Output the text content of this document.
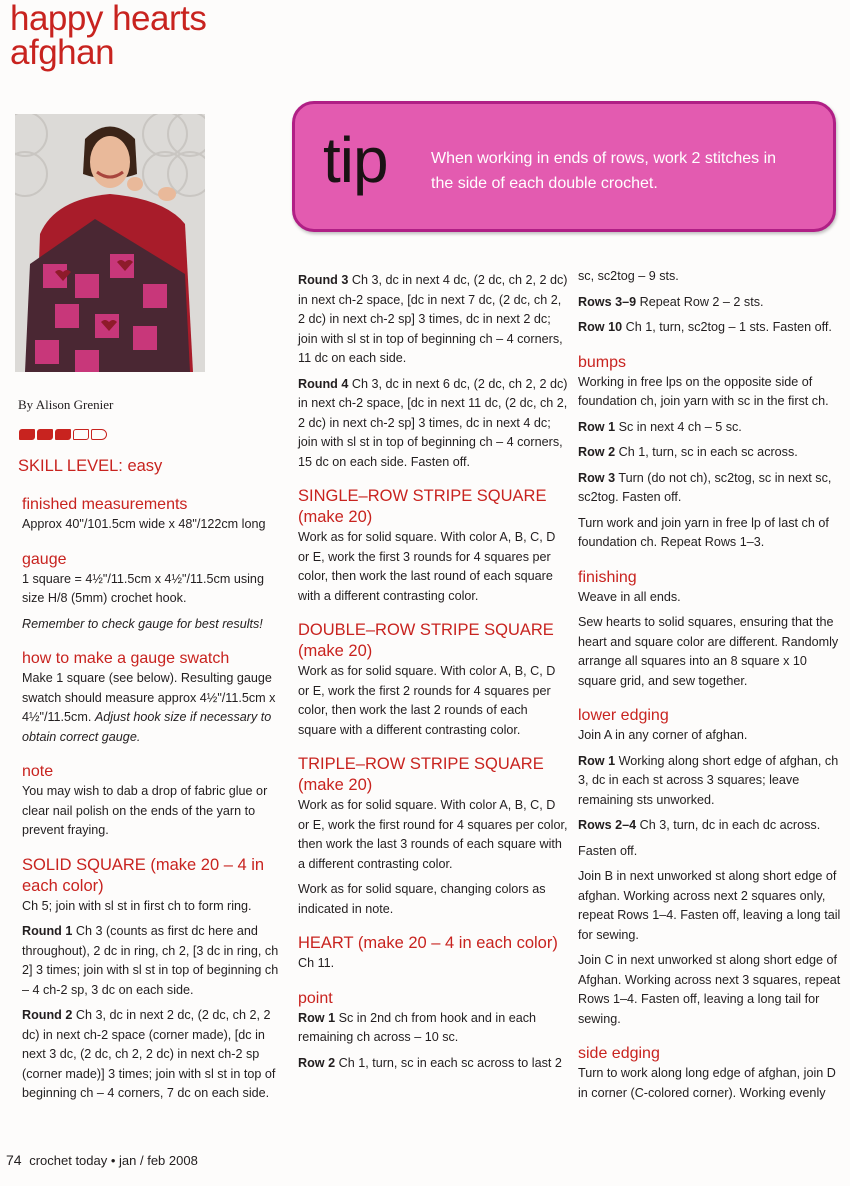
happy hearts
afghan
By Alison Grenier
SKILL LEVEL: easy
tip	When working in ends of rows, work 2 stitches in the side of each double crochet.
finished measurements

Approx 40"/101.5cm wide x 48"/122cm long

gauge

1 square = 4½"/11.5cm x 4½"/11.5cm using size H/8 (5mm) crochet hook.

Remember to check gauge for best results!

how to make a gauge swatch

Make 1 square (see below). Resulting gauge swatch should measure approx 4½"/11.5cm x 4½"/11.5cm. Adjust hook size if necessary to obtain correct gauge.

note

You may wish to dab a drop of fabric glue or clear nail polish on the ends of the yarn to prevent fraying.

SOLID SQUARE (make 20 – 4 in each color)

Ch 5; join with sl st in first ch to form ring.

Round 1 Ch 3 (counts as first dc here and throughout), 2 dc in ring, ch 2, [3 dc in ring, ch 2] 3 times; join with sl st in top of beginning ch – 4 ch-2 sp, 3 dc on each side.

Round 2 Ch 3, dc in next 2 dc, (2 dc, ch 2, 2 dc) in next ch-2 space (corner made), [dc in next 3 dc, (2 dc, ch 2, 2 dc) in next ch-2 sp (corner made)] 3 times; join with sl st in top of beginning ch – 4 corners, 7 dc on each side.

Round 3 Ch 3, dc in next 4 dc, (2 dc, ch 2, 2 dc) in next ch-2 space, [dc in next 7 dc, (2 dc, ch 2, 2 dc) in next ch-2 sp] 3 times, dc in next 2 dc; join with sl st in top of beginning ch – 4 corners, 11 dc on each side.

Round 4 Ch 3, dc in next 6 dc, (2 dc, ch 2, 2 dc) in next ch-2 space, [dc in next 11 dc, (2 dc, ch 2, 2 dc) in next ch-2 sp] 3 times, dc in next 4 dc; join with sl st in top of beginning ch – 4 corners, 15 dc on each side. Fasten off.

SINGLE–ROW STRIPE SQUARE (make 20)

Work as for solid square. With color A, B, C, D or E, work the first 3 rounds for 4 squares per color, then work the last round of each square with a different contrasting color.

DOUBLE–ROW STRIPE SQUARE (make 20)

Work as for solid square. With color A, B, C, D or E, work the first 2 rounds for 4 squares per color, then work the last 2 rounds of each square with a different contrasting color.

TRIPLE–ROW STRIPE SQUARE (make 20)

Work as for solid square. With color A, B, C, D or E, work the first round for 4 squares per color, then work the last 3 rounds of each square with a different contrasting color.

Work as for solid square, changing colors as indicated in note.

HEART (make 20 – 4 in each color)

Ch 11.

point

Row 1 Sc in 2nd ch from hook and in each remaining ch across – 10 sc.

Row 2 Ch 1, turn, sc in each sc across to last 2

sc, sc2tog – 9 sts.

Rows 3–9 Repeat Row 2 – 2 sts.

Row 10 Ch 1, turn, sc2tog – 1 sts. Fasten off.

bumps

Working in free lps on the opposite side of foundation ch, join yarn with sc in the first ch.

Row 1 Sc in next 4 ch – 5 sc.

Row 2 Ch 1, turn, sc in each sc across.

Row 3 Turn (do not ch), sc2tog, sc in next sc, sc2tog. Fasten off.

Turn work and join yarn in free lp of last ch of foundation ch. Repeat Rows 1–3.

finishing

Weave in all ends.

Sew hearts to solid squares, ensuring that the heart and square color are different. Randomly arrange all squares into an 8 square x 10 square grid, and sew together.

lower edging

Join A in any corner of afghan.

Row 1 Working along short edge of afghan, ch 3, dc in each st across 3 squares; leave remaining sts unworked.

Rows 2–4 Ch 3, turn, dc in each dc across.

Fasten off.

Join B in next unworked st along short edge of afghan. Working across next 2 squares only, repeat Rows 1–4. Fasten off, leaving a long tail for sewing.

Join C in next unworked st along short edge of Afghan. Working across next 3 squares, repeat Rows 1–4. Fasten off, leaving a long tail for sewing.

side edging

Turn to work along long edge of afghan, join D in corner (C-colored corner). Working evenly

74 crochet today • jan / feb 2008
